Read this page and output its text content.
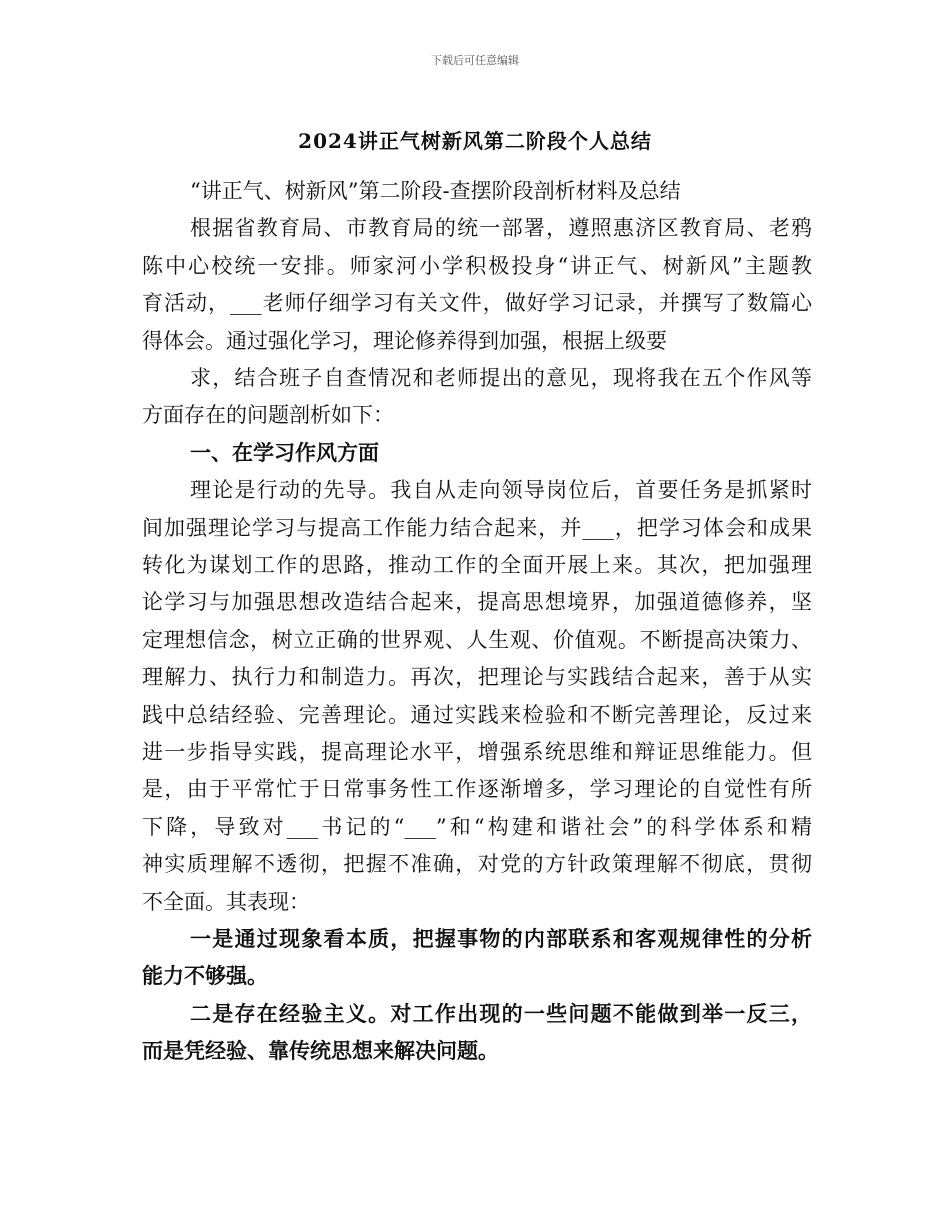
下载后可任意编辑
2024讲正气树新风第二阶段个人总结
“讲正气、树新风”第二阶段-查摆阶段剖析材料及总结
根据省教育局、市教育局的统一部署，遵照惠济区教育局、老鸦
陈中心校统一安排。师家河小学积极投身“讲正气、树新风”主题教
育活动，___老师仔细学习有关文件，做好学习记录，并撰写了数篇心
得体会。通过强化学习，理论修养得到加强，根据上级要
求，结合班子自查情况和老师提出的意见，现将我在五个作风等
方面存在的问题剖析如下：
一、在学习作风方面
理论是行动的先导。我自从走向领导岗位后，首要任务是抓紧时
间加强理论学习与提高工作能力结合起来，并___，把学习体会和成果
转化为谋划工作的思路，推动工作的全面开展上来。其次，把加强理
论学习与加强思想改造结合起来，提高思想境界，加强道德修养，坚
定理想信念，树立正确的世界观、人生观、价值观。不断提高决策力、
理解力、执行力和制造力。再次，把理论与实践结合起来，善于从实
践中总结经验、完善理论。通过实践来检验和不断完善理论，反过来
进一步指导实践，提高理论水平，增强系统思维和辩证思维能力。但
是，由于平常忙于日常事务性工作逐渐增多，学习理论的自觉性有所
下降，导致对___书记的“___”和“构建和谐社会”的科学体系和精
神实质理解不透彻，把握不准确，对党的方针政策理解不彻底，贯彻
不全面。其表现：
一是通过现象看本质，把握事物的内部联系和客观规律性的分析
能力不够强。
二是存在经验主义。对工作出现的一些问题不能做到举一反三，
而是凭经验、靠传统思想来解决问题。
